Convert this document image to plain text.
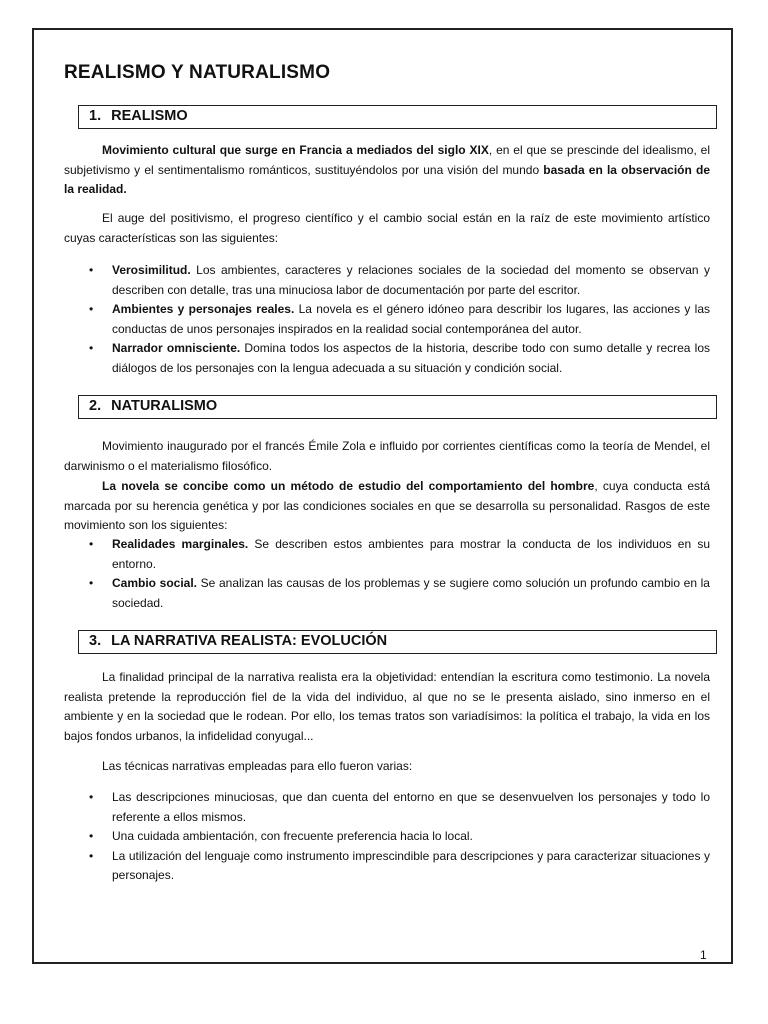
REALISMO Y NATURALISMO
1. REALISMO

Movimiento cultural que surge en Francia a mediados del siglo XIX, en el que se prescinde del idealismo, el subjetivismo y el sentimentalismo románticos, sustituyéndolos por una visión del mundo basada en la observación de la realidad.

El auge del positivismo, el progreso científico y el cambio social están en la raíz de este movimiento artístico cuyas características son las siguientes:

• Verosimilitud. Los ambientes, caracteres y relaciones sociales de la sociedad del momento se observan y describen con detalle, tras una minuciosa labor de documentación por parte del escritor.
• Ambientes y personajes reales. La novela es el género idóneo para describir los lugares, las acciones y las conductas de unos personajes inspirados en la realidad social contemporánea del autor.
• Narrador omnisciente. Domina todos los aspectos de la historia, describe todo con sumo detalle y recrea los diálogos de los personajes con la lengua adecuada a su situación y condición social.
2. NATURALISMO

Movimiento inaugurado por el francés Émile Zola e influido por corrientes científicas como la teoría de Mendel, el darwinismo o el materialismo filosófico.

La novela se concibe como un método de estudio del comportamiento del hombre, cuya conducta está marcada por su herencia genética y por las condiciones sociales en que se desarrolla su personalidad. Rasgos de este movimiento son los siguientes:

• Realidades marginales. Se describen estos ambientes para mostrar la conducta de los individuos en su entorno.
• Cambio social. Se analizan las causas de los problemas y se sugiere como solución un profundo cambio en la sociedad.
3. LA NARRATIVA REALISTA: EVOLUCIÓN

La finalidad principal de la narrativa realista era la objetividad: entendían la escritura como testimonio. La novela realista pretende la reproducción fiel de la vida del individuo, al que no se le presenta aislado, sino inmerso en el ambiente y en la sociedad que le rodean. Por ello, los temas tratos son variadísimos: la política el trabajo, la vida en los bajos fondos urbanos, la infidelidad conyugal...

Las técnicas narrativas empleadas para ello fueron varias:

• Las descripciones minuciosas, que dan cuenta del entorno en que se desenvuelven los personajes y todo lo referente a ellos mismos.
• Una cuidada ambientación, con frecuente preferencia hacia lo local.
• La utilización del lenguaje como instrumento imprescindible para descripciones y para caracterizar situaciones y personajes.
1
